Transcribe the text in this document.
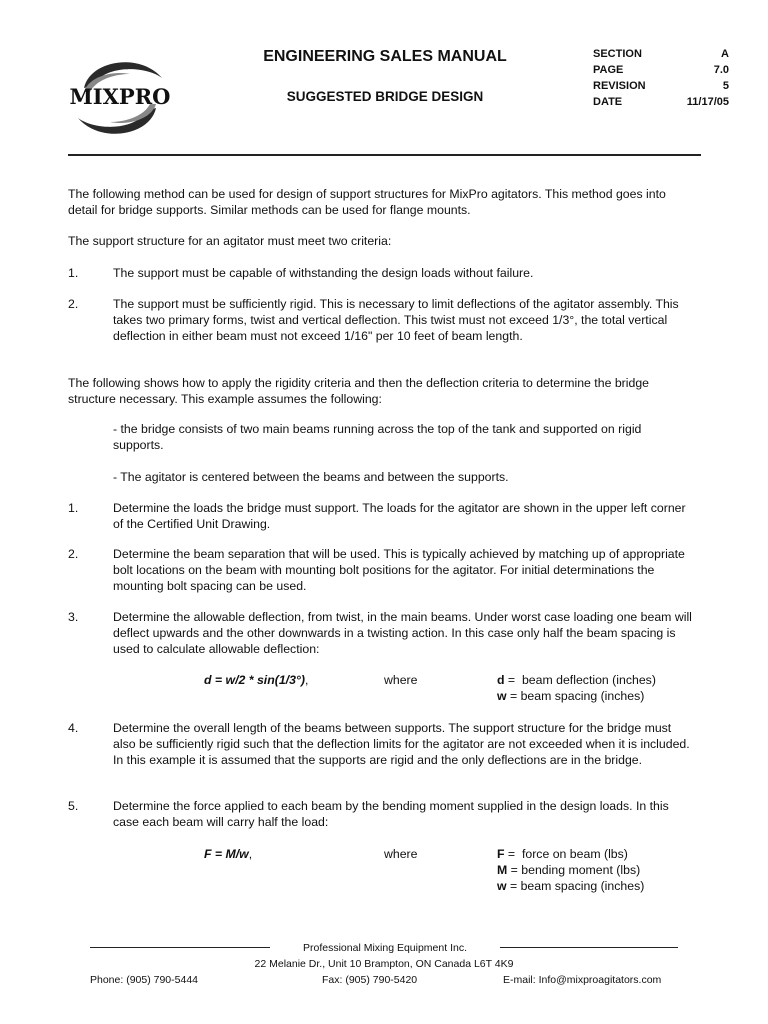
MIXPRO
ENGINEERING SALES MANUAL
SUGGESTED BRIDGE DESIGN
SECTION	A
PAGE	7.0
REVISION	5
DATE	11/17/05

The following method can be used for design of support structures for MixPro agitators. This method goes into detail for bridge supports. Similar methods can be used for flange mounts.

The support structure for an agitator must meet two criteria:

1.	The support must be capable of withstanding the design loads without failure.

2.	The support must be sufficiently rigid. This is necessary to limit deflections of the agitator assembly. This takes two primary forms, twist and vertical deflection. This twist must not exceed 1/3°, the total vertical deflection in either beam must not exceed 1/16" per 10 feet of beam length.

The following shows how to apply the rigidity criteria and then the deflection criteria to determine the bridge structure necessary. This example assumes the following:

- the bridge consists of two main beams running across the top of the tank and supported on rigid supports.

- The agitator is centered between the beams and between the supports.

1.	Determine the loads the bridge must support. The loads for the agitator are shown in the upper left corner of the Certified Unit Drawing.

2.	Determine the beam separation that will be used. This is typically achieved by matching up of appropriate bolt locations on the beam with mounting bolt positions for the agitator. For initial determinations the mounting bolt spacing can be used.

3.	Determine the allowable deflection, from twist, in the main beams. Under worst case loading one beam will deflect upwards and the other downwards in a twisting action. In this case only half the beam spacing is used to calculate allowable deflection:

d = w/2 * sin(1/3°),	where	d =  beam deflection (inches)
w = beam spacing (inches)
4.	Determine the overall length of the beams between supports. The support structure for the bridge must also be sufficiently rigid such that the deflection limits for the agitator are not exceeded when it is included. In this example it is assumed that the supports are rigid and the only deflections are in the bridge.

5.	Determine the force applied to each beam by the bending moment supplied in the design loads. In this case each beam will carry half the load:

F = M/w,	where	F =  force on beam (lbs)
M = bending moment (lbs)
w = beam spacing (inches)
Professional Mixing Equipment Inc.
22 Melanie Dr., Unit 10 Brampton, ON Canada L6T 4K9
Phone: (905) 790-5444	Fax: (905) 790-5420	E-mail: Info@mixproagitators.com
